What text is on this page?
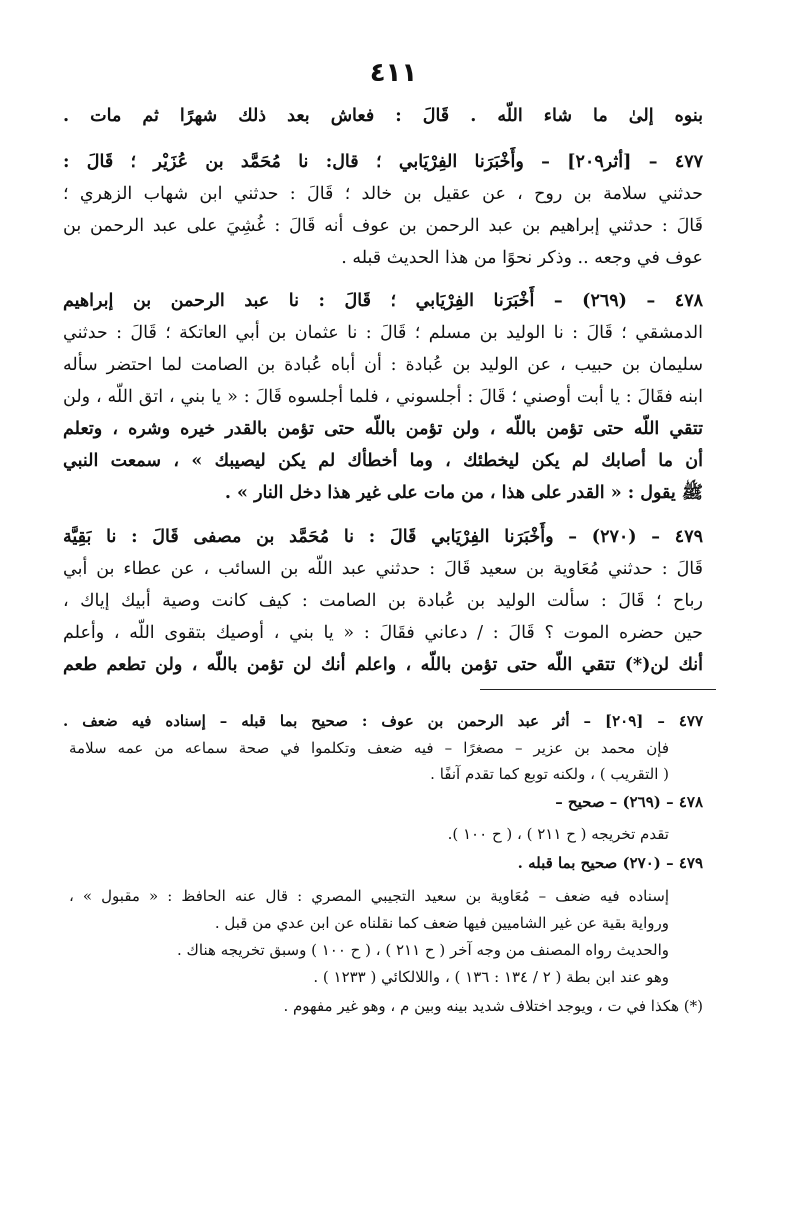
٤١١
بنوه إلىٰ ما شاء اللّه . قَالَ : فعاش بعد ذلك شهرًا ثم مات .
٤٧٧ – [أثر٢٠٩] – وأَخْبَرَنا الفِرْيَابي ؛ قال: نا مُحَمَّد بن عُزَيْر ؛ قَالَ :
حدثني سلامة بن روح ، عن عقيل بن خالد ؛ قَالَ : حدثني ابن شهاب الزهري ؛
قَالَ : حدثني إبراهيم بن عبد الرحمن بن عوف أنه قَالَ : غُشِيَ على عبد الرحمن بن
عوف في وجعه .. وذكر نحوًا من هذا الحديث قبله .
٤٧٨ – (٢٦٩) – أَخْبَرَنا الفِرْيَابي ؛ قَالَ : نا عبد الرحمن بن إبراهيم
الدمشقي ؛ قَالَ : نا الوليد بن مسلم ؛ قَالَ : نا عثمان بن أبي العاتكة ؛ قَالَ : حدثني
سليمان بن حبيب ، عن الوليد بن عُبادة : أن أباه عُبادة بن الصامت لما احتضر سأله
ابنه فقَالَ : يا أبت أوصني ؛ قَالَ : أجلسوني ، فلما أجلسوه قَالَ : « يا بني ، اتق اللّه ، ولن
تتقي اللّه حتى تؤمن باللّه ، ولن تؤمن باللّه حتى تؤمن بالقدر خيره وشره ، وتعلم
أن ما أصابك لم يكن ليخطئك ، وما أخطأك لم يكن ليصيبك » ، سمعت النبي
ﷺ يقول : « القدر على هذا ، من مات على غير هذا دخل النار » .
٤٧٩ – (٢٧٠) – وأَخْبَرَنا الفِرْيَابي قَالَ : نا مُحَمَّد بن مصفى قَالَ : نا بَقِيَّة
قَالَ : حدثني مُعَاوية بن سعيد قَالَ : حدثني عبد اللّه بن السائب ، عن عطاء بن أبي
رباح ؛ قَالَ : سألت الوليد بن عُبادة بن الصامت : كيف كانت وصية أبيك إياك ،
حين حضره الموت ؟ قَالَ : / دعاني فقَالَ : « يا بني ، أوصيك بتقوى اللّه ، وأعلم
أنك لن(*) تتقي اللّه حتى تؤمن باللّه ، واعلم أنك لن تؤمن باللّه ، ولن تطعم طعم
٤٧٧ – [٢٠٩] – أثر عبد الرحمن بن عوف : صحيح بما قبله – إسناده فيه ضعف .
فإن محمد بن عزير – مصغرًا – فيه ضعف وتكلموا في صحة سماعه من عمه سلامة
( التقريب ) ، ولكنه توبع كما تقدم آنفًا .
٤٧٨ – (٢٦٩) – صحيح –
تقدم تخريجه ( ح ٢١١ ) ، ( ح ١٠٠ ).
٤٧٩ – (٢٧٠) صحيح بما قبله .
إسناده فيه ضعف – مُعَاوية بن سعيد التجيبي المصري : قال عنه الحافظ : « مقبول » ،
ورواية بقية عن غير الشاميين فيها ضعف كما نقلناه عن ابن عدي من قبل .
والحديث رواه المصنف من وجه آخر ( ح ٢١١ ) ، ( ح ١٠٠ ) وسبق تخريجه هناك .
وهو عند ابن بطة ( ٢ / ١٣٤ : ١٣٦ ) ، واللالكائي ( ١٢٣٣ ) .
(*) هكذا في ت ، ويوجد اختلاف شديد بينه وبين م ، وهو غير مفهوم .
